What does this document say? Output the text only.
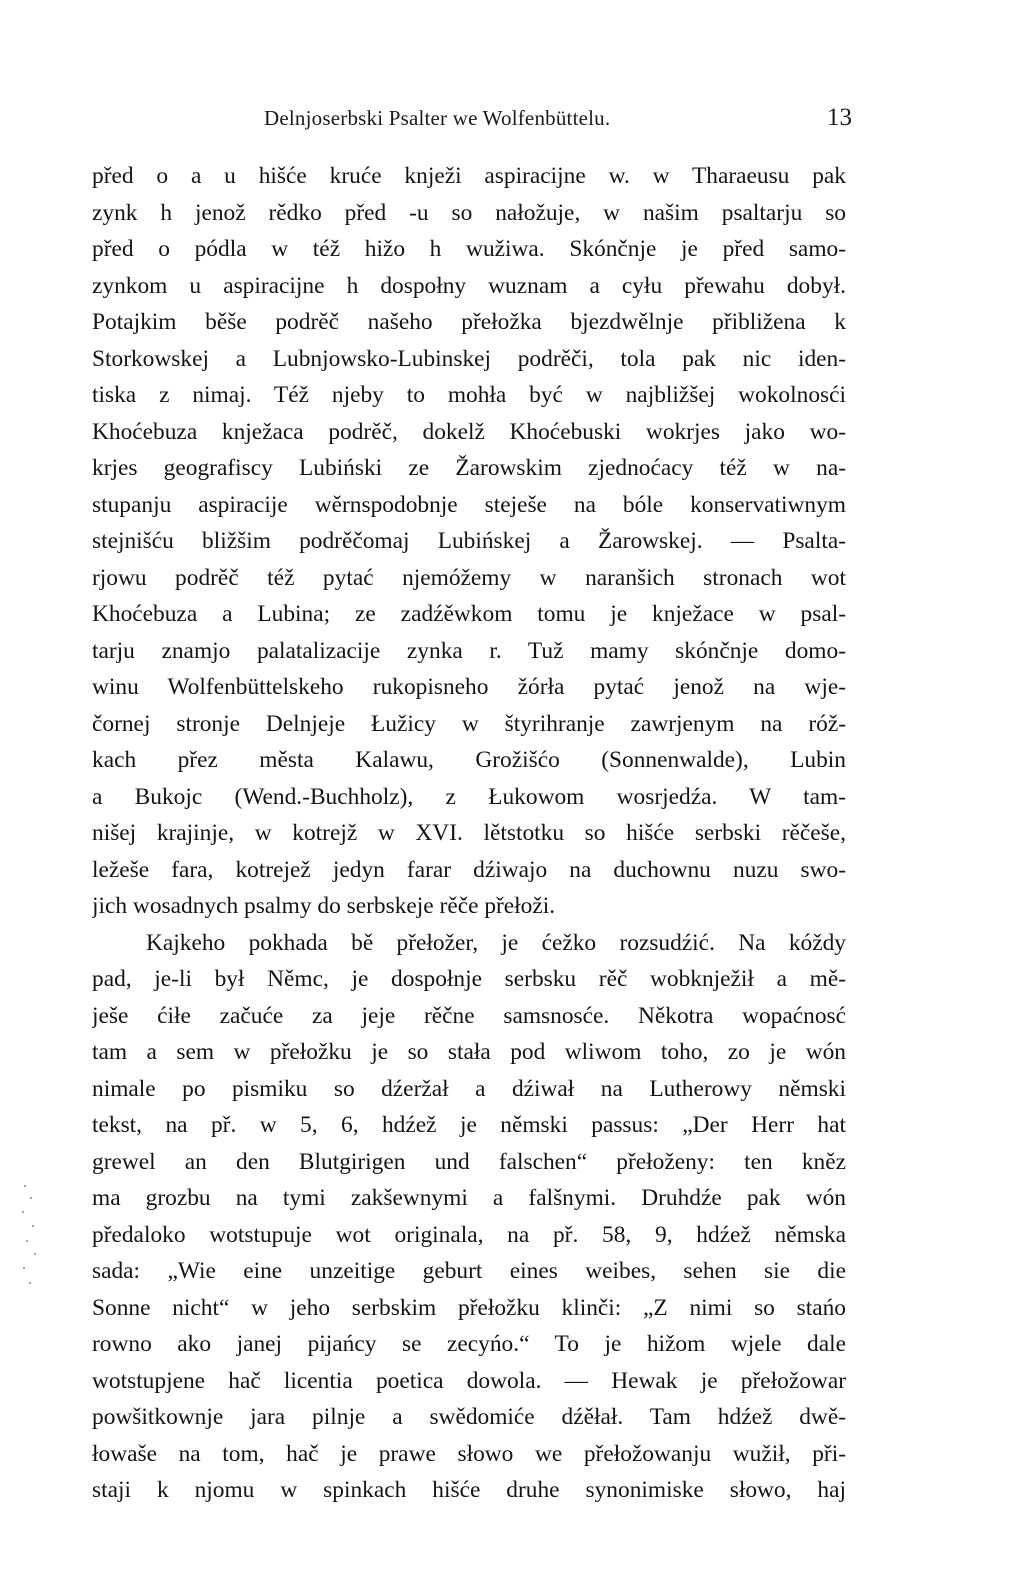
Delnjoserbski Psalter we Wolfenbüttelu.	13
před o a u hišće kruće knježi aspiracijne w. w Tharaeusu pak
zynk h jenož rědko před -u so nałožuje, w našim psaltarju so
před o pódla w též hižo h wužiwa. Skónčnje je před samo-
zynkom u aspiracijne h dospołny wuznam a cyłu přewahu dobył.
Potajkim běše podrěč našeho přełožka bjezdwělnje přibližena k
Storkowskej a Lubnjowsko-Lubinskej podrěči, tola pak nic iden-
tiska z nimaj. Též njeby to mohła być w najbližšej wokolnosći
Khoćebuza knježaca podrěč, dokelž Khoćebuski wokrjes jako wo-
krjes geografiscy Lubiński ze Žarowskim zjednoćacy též w na-
stupanju aspiracije wěrnspodobnje steješe na bóle konservatiwnym
stejnišću bližšim podrěčomaj Lubińskej a Žarowskej. — Psalta-
rjowu podrěč též pytać njemóžemy w naranšich stronach wot
Khoćebuza a Lubina; ze zadźěwkom tomu je knježace w psal-
tarju znamjo palatalizacije zynka r. Tuž mamy skónčnje domo-
winu Wolfenbüttelskeho rukopisneho žórła pytać jenož na wje-
čornej stronje Delnjeje Łužicy w štyrihranje zawrjenym na róž-
kach přez města Kalawu, Grožišćo (Sonnenwalde), Lubin
a Bukojc (Wend.-Buchholz), z Łukowom wosrjedźa. W tam-
nišej krajinje, w kotrejž w XVI. lětstotku so hišće serbski rěčeše,
ležeše fara, kotrejež jedyn farar dźiwajo na duchownu nuzu swo-
jich wosadnych psalmy do serbskeje rěče přełoži.
Kajkeho pokhada bě přełožer, je ćežko rozsudźić. Na kóždy
pad, je-li był Němc, je dospołnje serbsku rěč wobknježił a mě-
ješe ćiłe začuće za jeje rěčne samsnosće. Někotra wopaćnosć
tam a sem w přełožku je so stała pod wliwom toho, zo je wón
nimale po pismiku so dźeržał a dźiwał na Lutherowy němski
tekst, na př. w 5, 6, hdźež je němski passus: „Der Herr hat
grewel an den Blutgirigen und falschen“ přełoženy: ten kněz
ma grozbu na tymi zakšewnymi a falšnymi. Druhdźe pak wón
předaloko wotstupuje wot originala, na př. 58, 9, hdźež němska
sada: „Wie eine unzeitige geburt eines weibes, sehen sie die
Sonne nicht“ w jeho serbskim přełožku klinči: „Z nimi so stańo
rowno ako janej pijańcy se zecyńo.“ To je hižom wjele dale
wotstupjene hač licentia poetica dowola. — Hewak je přełožowar
powšitkownje jara pilnje a swědomiće dźěłał. Tam hdźež dwě-
łowaše na tom, hač je prawe słowo we přełožowanju wužił, při-
staji k njomu w spinkach hišće druhe synonimiske słowo, haj
